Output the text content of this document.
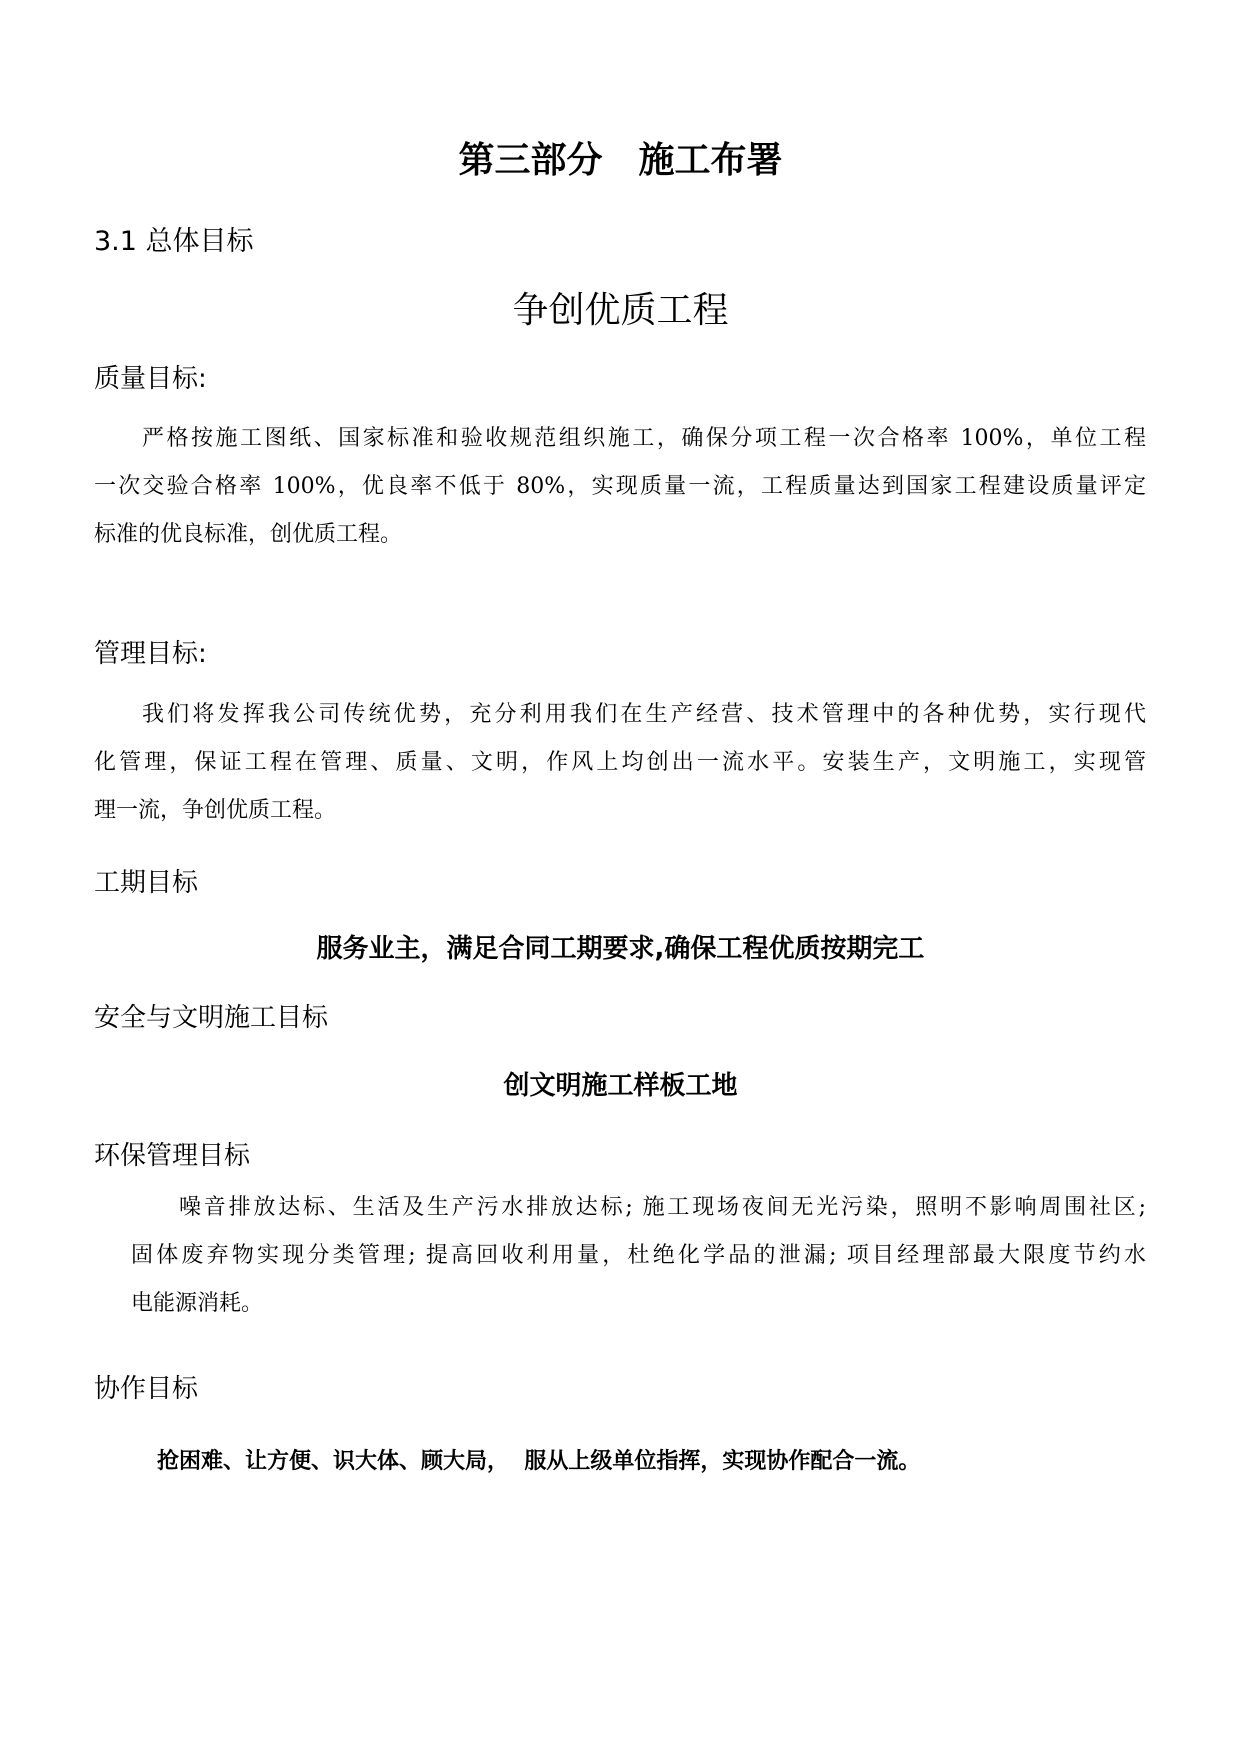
第三部分 施工布署
3.1 总体目标
争创优质工程
质量目标:
严格按施工图纸、国家标准和验收规范组织施工，确保分项工程一次合格率 100%，单位工程
一次交验合格率 100%，优良率不低于 80%，实现质量一流，工程质量达到国家工程建设质量评定
标准的优良标准，创优质工程。
管理目标:
我们将发挥我公司传统优势，充分利用我们在生产经营、技术管理中的各种优势，实行现代
化管理，保证工程在管理、质量、文明，作风上均创出一流水平。安装生产，文明施工，实现管
理一流，争创优质工程。
工期目标
服务业主，满足合同工期要求,确保工程优质按期完工
安全与文明施工目标
创文明施工样板工地
环保管理目标
噪音排放达标、生活及生产污水排放达标; 施工现场夜间无光污染，照明不影响周围社区;
固体废弃物实现分类管理; 提高回收利用量，杜绝化学品的泄漏; 项目经理部最大限度节约水
电能源消耗。
协作目标
抢困难、让方便、识大体、顾大局，  服从上级单位指挥，实现协作配合一流。
